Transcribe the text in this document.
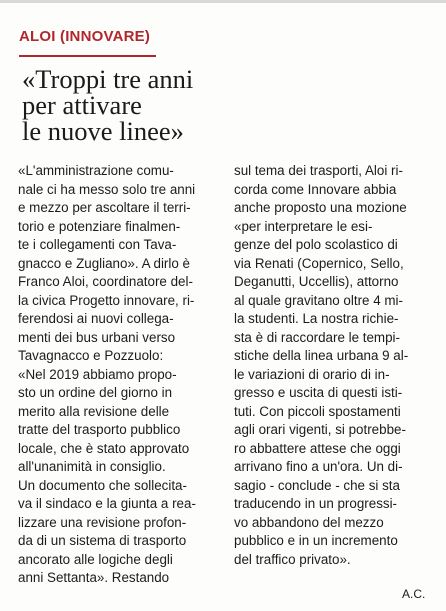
ALOI (INNOVARE)
«Troppi tre anni
per attivare
le nuove linee»
«L'amministrazione comu-
nale ci ha messo solo tre anni
e mezzo per ascoltare il terri-
torio e potenziare finalmen-
te i collegamenti con Tava-
gnacco e Zugliano». A dirlo è
Franco Aloi, coordinatore del-
la civica Progetto innovare, ri-
ferendosi ai nuovi collega-
menti dei bus urbani verso
Tavagnacco e Pozzuolo:
«Nel 2019 abbiamo propo-
sto un ordine del giorno in
merito alla revisione delle
tratte del trasporto pubblico
locale, che è stato approvato
all'unanimità in consiglio.
Un documento che sollecita-
va il sindaco e la giunta a rea-
lizzare una revisione profon-
da di un sistema di trasporto
ancorato alle logiche degli
anni Settanta». Restando
sul tema dei trasporti, Aloi ri-
corda come Innovare abbia
anche proposto una mozione
«per interpretare le esi-
genze del polo scolastico di
via Renati (Copernico, Sello,
Deganutti, Uccellis), attorno
al quale gravitano oltre 4 mi-
la studenti. La nostra richie-
sta è di raccordare le tempi-
stiche della linea urbana 9 al-
le variazioni di orario di in-
gresso e uscita di questi isti-
tuti. Con piccoli spostamenti
agli orari vigenti, si potrebbe-
ro abbattere attese che oggi
arrivano fino a un'ora. Un di-
sagio - conclude - che si sta
traducendo in un progressi-
vo abbandono del mezzo
pubblico e in un incremento
del traffico privato».
A.C.
